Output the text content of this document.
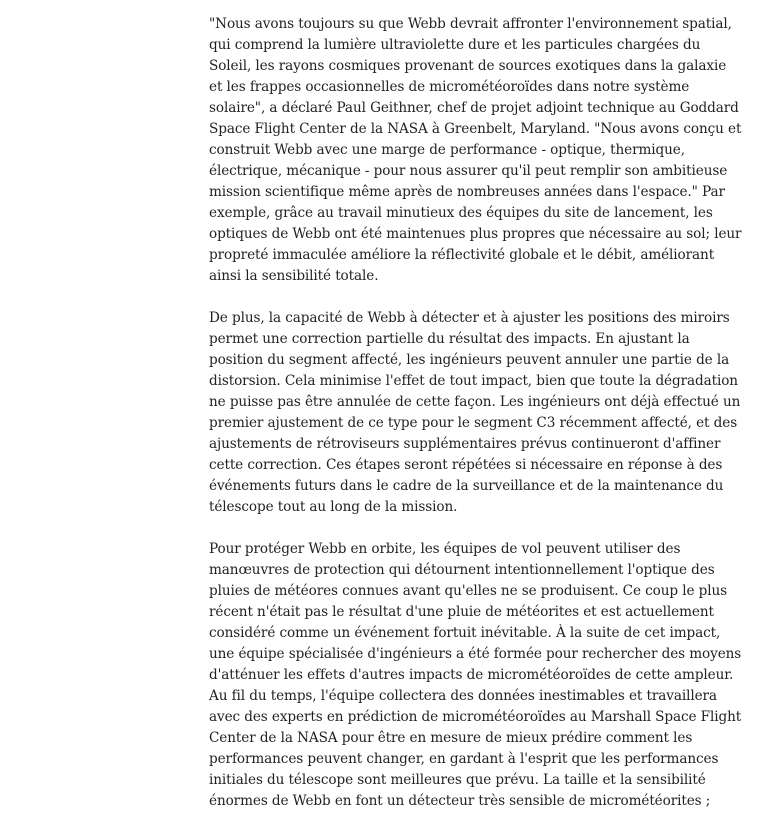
"Nous avons toujours su que Webb devrait affronter l'environnement spatial, qui comprend la lumière ultraviolette dure et les particules chargées du Soleil, les rayons cosmiques provenant de sources exotiques dans la galaxie et les frappes occasionnelles de micrométéoroïdes dans notre système solaire", a déclaré Paul Geithner, chef de projet adjoint technique au Goddard Space Flight Center de la NASA à Greenbelt, Maryland. "Nous avons conçu et construit Webb avec une marge de performance - optique, thermique, électrique, mécanique - pour nous assurer qu'il peut remplir son ambitieuse mission scientifique même après de nombreuses années dans l'espace." Par exemple, grâce au travail minutieux des équipes du site de lancement, les optiques de Webb ont été maintenues plus propres que nécessaire au sol; leur propreté immaculée améliore la réflectivité globale et le débit, améliorant ainsi la sensibilité totale.

De plus, la capacité de Webb à détecter et à ajuster les positions des miroirs permet une correction partielle du résultat des impacts. En ajustant la position du segment affecté, les ingénieurs peuvent annuler une partie de la distorsion. Cela minimise l'effet de tout impact, bien que toute la dégradation ne puisse pas être annulée de cette façon. Les ingénieurs ont déjà effectué un premier ajustement de ce type pour le segment C3 récemment affecté, et des ajustements de rétroviseurs supplémentaires prévus continueront d'affiner cette correction. Ces étapes seront répétées si nécessaire en réponse à des événements futurs dans le cadre de la surveillance et de la maintenance du télescope tout au long de la mission.

Pour protéger Webb en orbite, les équipes de vol peuvent utiliser des manœuvres de protection qui détournent intentionnellement l'optique des pluies de météores connues avant qu'elles ne se produisent. Ce coup le plus récent n'était pas le résultat d'une pluie de météorites et est actuellement considéré comme un événement fortuit inévitable. À la suite de cet impact, une équipe spécialisée d'ingénieurs a été formée pour rechercher des moyens d'atténuer les effets d'autres impacts de micrométéoroïdes de cette ampleur. Au fil du temps, l'équipe collectera des données inestimables et travaillera avec des experts en prédiction de micrométéoroïdes au Marshall Space Flight Center de la NASA pour être en mesure de mieux prédire comment les performances peuvent changer, en gardant à l'esprit que les performances initiales du télescope sont meilleures que prévu. La taille et la sensibilité énormes de Webb en font un détecteur très sensible de micrométéorites ;
